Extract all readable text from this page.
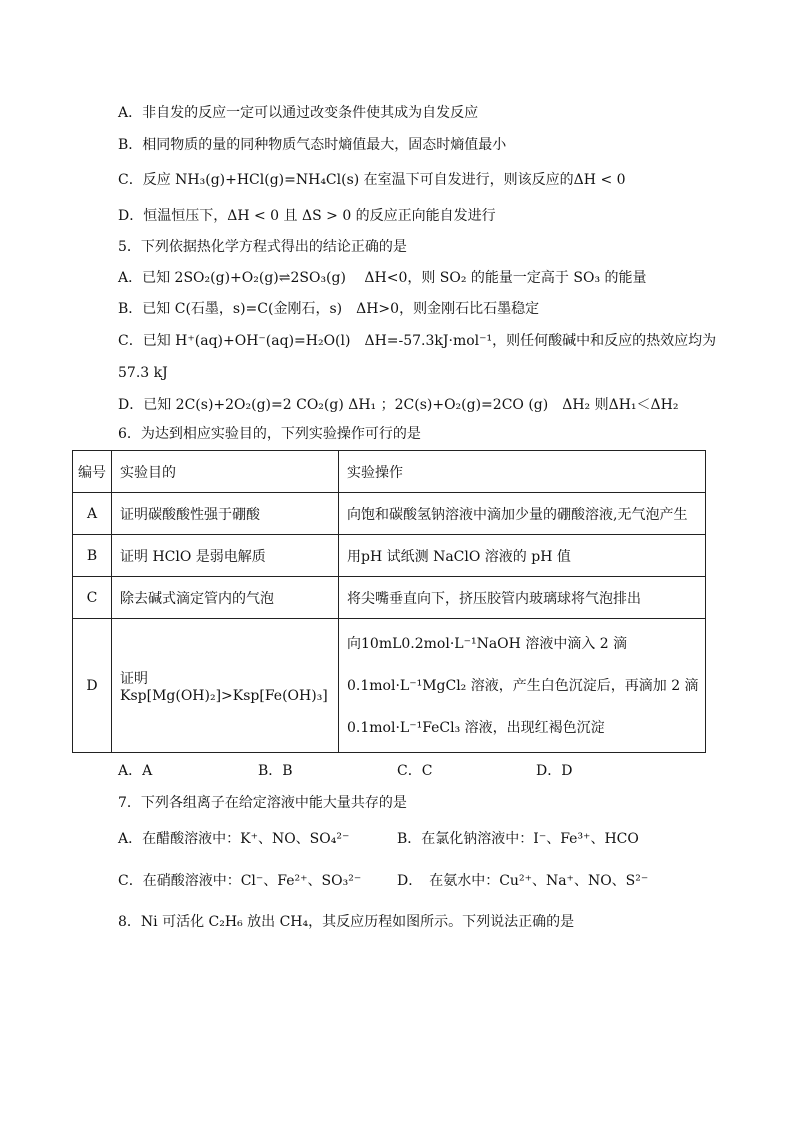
A．非自发的反应一定可以通过改变条件使其成为自发反应
B．相同物质的量的同种物质气态时熵值最大，固态时熵值最小
C．反应 NH₃(g)+HCl(g)=NH₄Cl(s) 在室温下可自发进行，则该反应的ΔH < 0
D．恒温恒压下，ΔH < 0 且 ΔS > 0 的反应正向能自发进行
5．下列依据热化学方程式得出的结论正确的是
A．已知 2SO₂(g)+O₂(g)⇌2SO₃(g)　 ΔH<0，则 SO₂ 的能量一定高于 SO₃ 的能量
B．已知 C(石墨，s)=C(金刚石，s)　ΔH>0，则金刚石比石墨稳定
C．已知 H⁺(aq)+OH⁻(aq)=H₂O(l)　ΔH=-57.3kJ·mol⁻¹，则任何酸碱中和反应的热效应均为
57.3 kJ
D．已知 2C(s)+2O₂(g)=2 CO₂(g) ΔH₁ ；2C(s)+O₂(g)=2CO (g)　ΔH₂ 则ΔH₁＜ΔH₂
6．为达到相应实验目的，下列实验操作可行的是
编号	实验目的	实验操作
A	证明碳酸酸性强于硼酸	向饱和碳酸氢钠溶液中滴加少量的硼酸溶液,无气泡产生
B	证明 HClO 是弱电解质	用pH 试纸测 NaClO 溶液的 pH 值
C	除去碱式滴定管内的气泡	将尖嘴垂直向下，挤压胶管内玻璃球将气泡排出
D	证明 Ksp[Mg(OH)₂]>Ksp[Fe(OH)₃]	向10mL0.2mol·L⁻¹NaOH 溶液中滴入 2 滴
0.1mol·L⁻¹MgCl₂ 溶液，产生白色沉淀后，再滴加 2 滴
0.1mol·L⁻¹FeCl₃ 溶液，出现红褐色沉淀
A．A	B．B	C．C	D．D
7．下列各组离子在给定溶液中能大量共存的是
A．在醋酸溶液中：K⁺、NO、SO₄²⁻	B．在氯化钠溶液中：I⁻、Fe³⁺、HCO
C．在硝酸溶液中：Cl⁻、Fe²⁺、SO₃²⁻	D．　在氨水中：Cu²⁺、Na⁺、NO、S²⁻
8．Ni 可活化 C₂H₆ 放出 CH₄，其反应历程如图所示。下列说法正确的是
